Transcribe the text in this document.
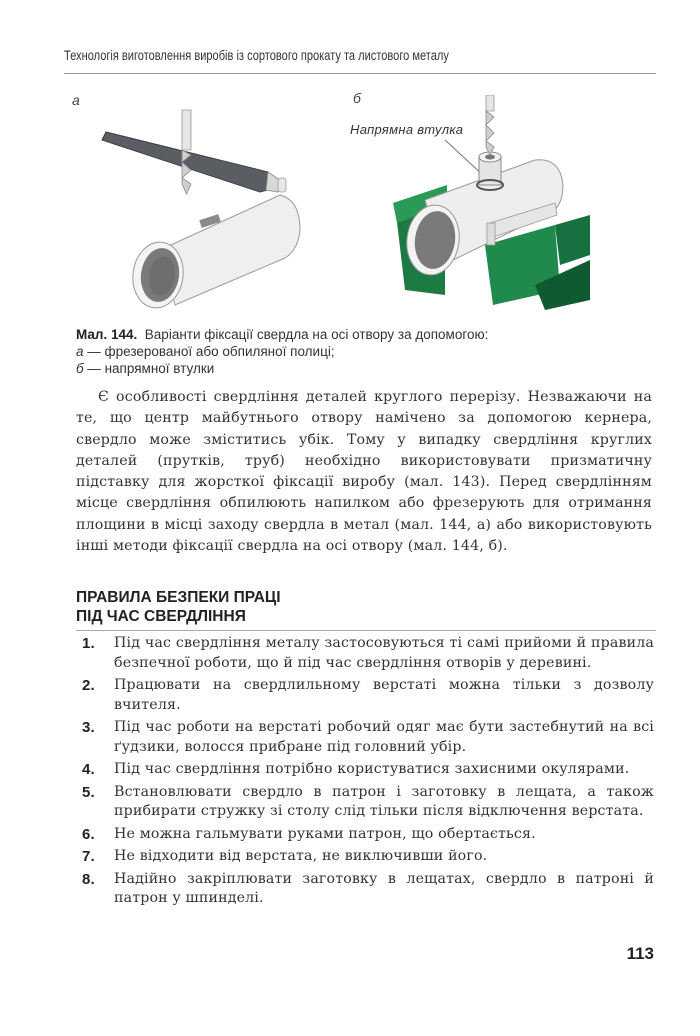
Технологія виготовлення виробів із сортового прокату та листового металу
а	б
Напрямна втулка
Мал. 144. Варіанти фіксації свердла на осі отвору за допомогою:
а — фрезерованої або обпиляної полиці;
б — напрямної втулки

Є особливості свердління деталей круглого перерізу. Незважаючи на те, що центр майбутнього отвору намічено за допомогою кернера, свердло може зміститись убік. Тому у випадку свердління круглих деталей (прутків, труб) необхідно використовувати призматичну підставку для жорсткої фіксації виробу (мал. 143). Перед свердлінням місце свердління обпилюють напилком або фрезерують для отримання площини в місці заходу свердла в метал (мал. 144, а) або використовують інші методи фіксації свердла на осі отвору (мал. 144, б).

ПРАВИЛА БЕЗПЕКИ ПРАЦІ
ПІД ЧАС СВЕРДЛІННЯ
1.	Під час свердління металу застосовуються ті самі прийоми й правила безпечної роботи, що й під час свердління отворів у деревині.
2.	Працювати на свердлильному верстаті можна тільки з дозволу вчителя.
3.	Під час роботи на верстаті робочий одяг має бути застебнутий на всі ґудзики, волосся прибране під головний убір.
4.	Під час свердління потрібно користуватися захисними окулярами.
5.	Встановлювати свердло в патрон і заготовку в лещата, а також прибирати стружку зі столу слід тільки після відключення верстата.
6.	Не можна гальмувати руками патрон, що обертається.
7.	Не відходити від верстата, не виключивши його.
8.	Надійно закріплювати заготовку в лещатах, свердло в патроні й патрон у шпинделі.
113
